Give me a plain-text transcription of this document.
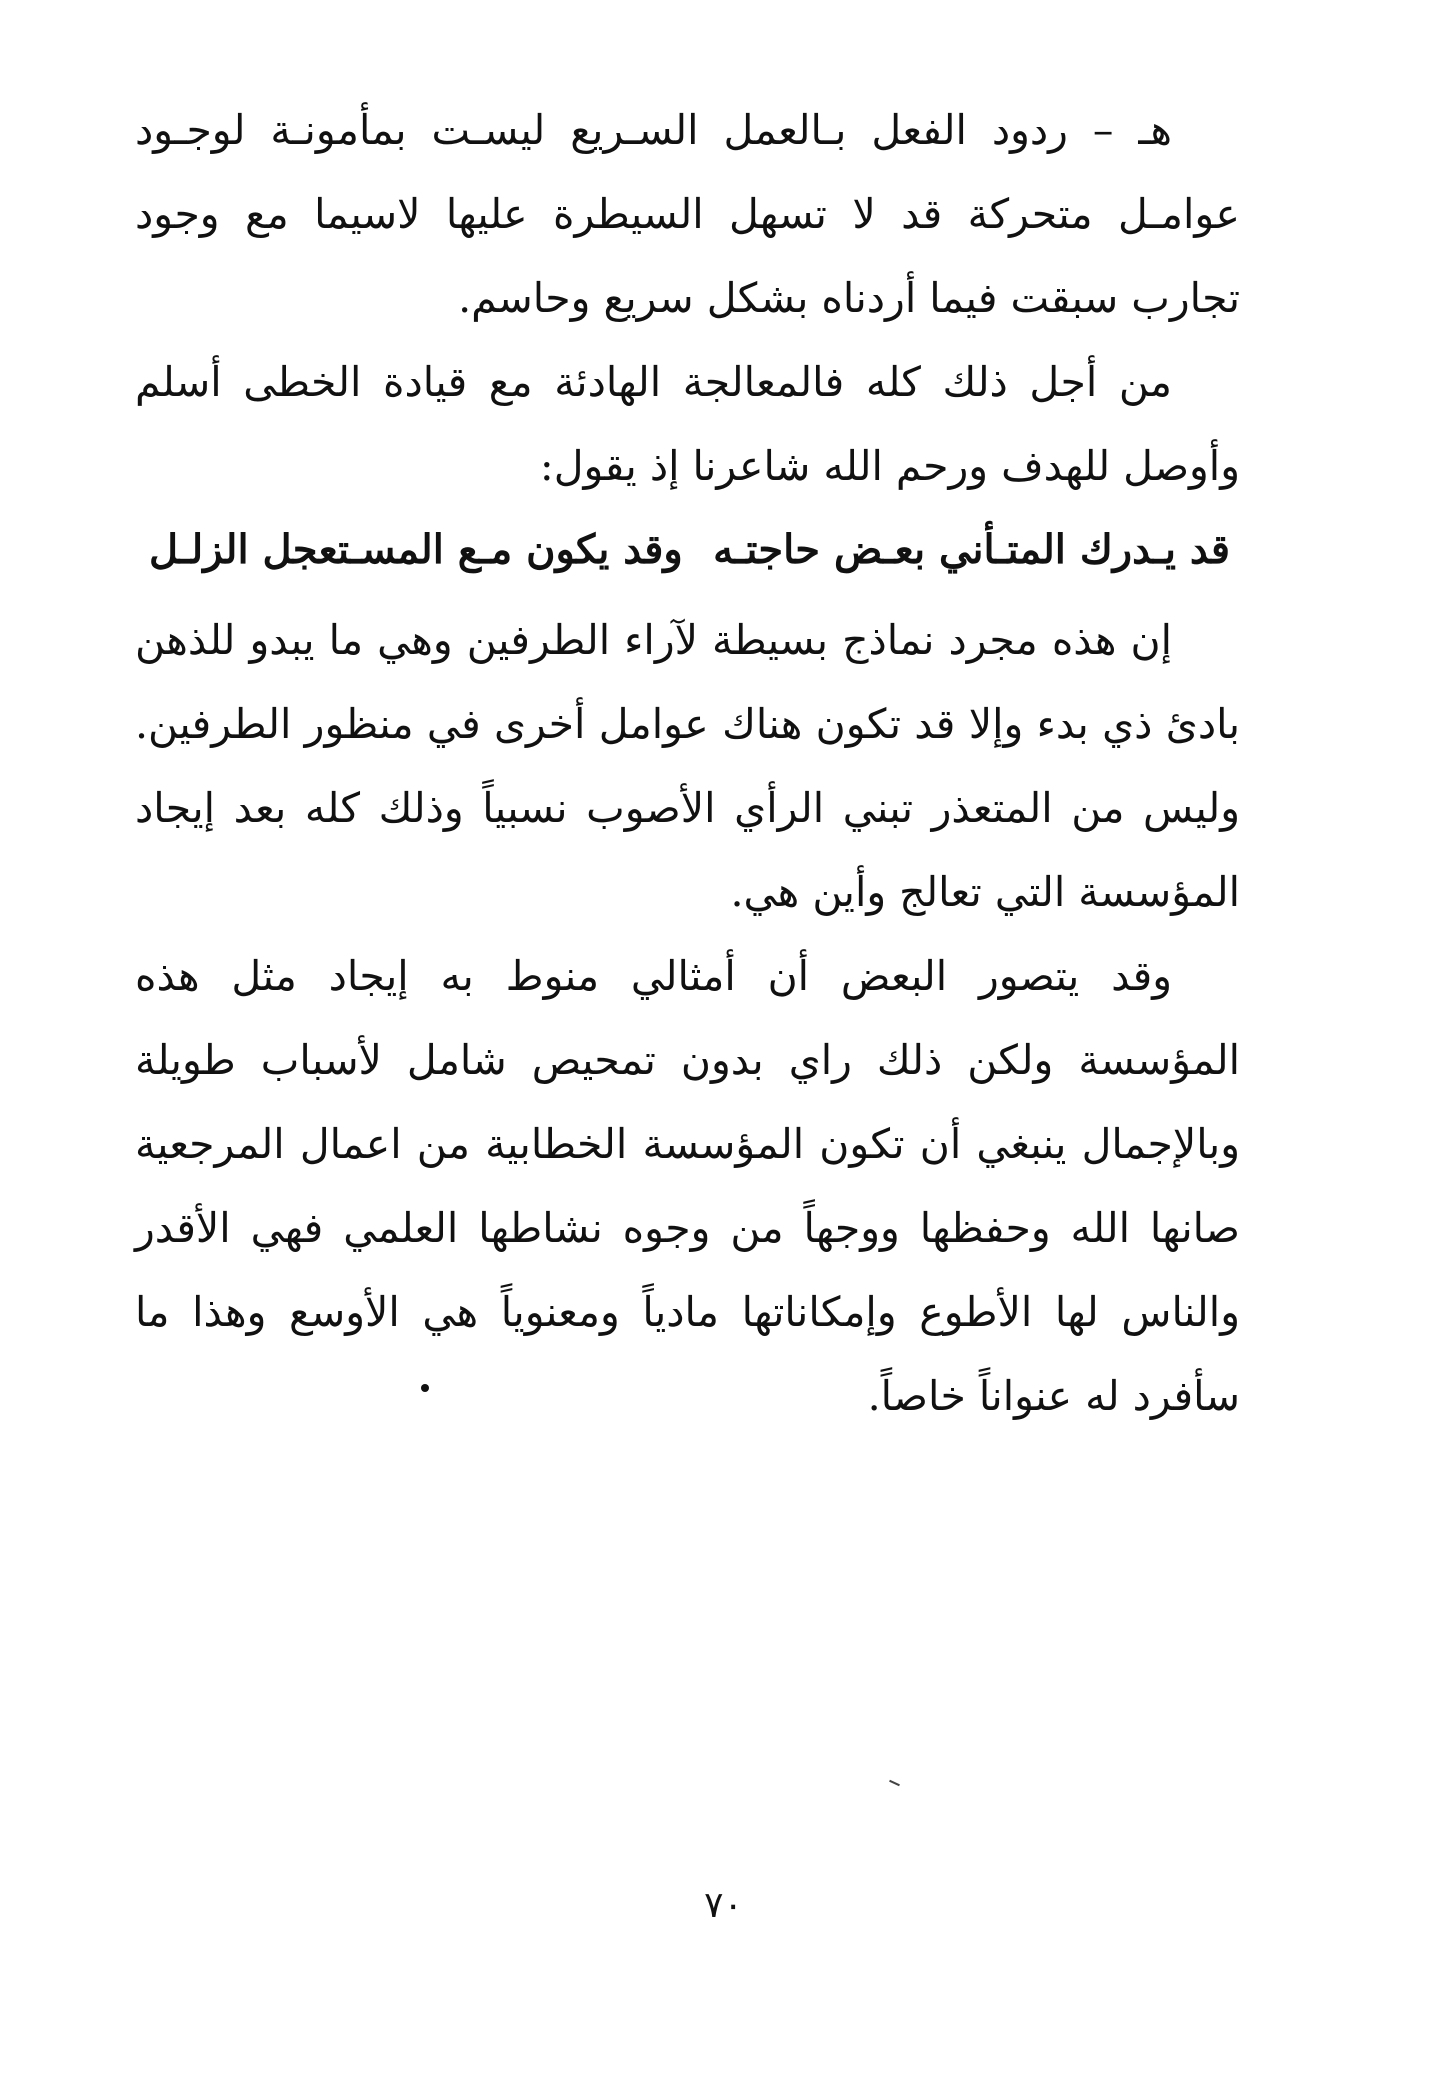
هـ – ردود الفعل بـالعمل السـريع ليسـت بمأمونـة لوجـود عوامـل متحركة قد لا تسهل السيطرة عليها لاسيما مع وجود تجارب سبقت فيما أردناه بشكل سريع وحاسم.

من أجل ذلك كله فالمعالجة الهادئة مع قيادة الخطى أسلم وأوصل للهدف ورحم الله شاعرنا إذ يقول:

قد يـدرك المتـأني بعـض حاجتـه
وقد يكون مـع المسـتعجل الزلـل

إن هذه مجرد نماذج بسيطة لآراء الطرفين وهي ما يبدو للذهن بادئ ذي بدء وإلا قد تكون هناك عوامل أخرى في منظور الطرفين. وليس من المتعذر تبني الرأي الأصوب نسبياً وذلك كله بعد إيجاد المؤسسة التي تعالج وأين هي.

وقد يتصور البعض أن أمثالي منوط به إيجاد مثل هذه المؤسسة ولكن ذلك راي بدون تمحيص شامل لأسباب طويلة وبالإجمال ينبغي أن تكون المؤسسة الخطابية من اعمال المرجعية صانها الله وحفظها ووجهاً من وجوه نشاطها العلمي فهي الأقدر والناس لها الأطوع وإمكاناتها مادياً ومعنوياً هي الأوسع وهذا ما سأفرد له عنواناً خاصاً.

٧٠
